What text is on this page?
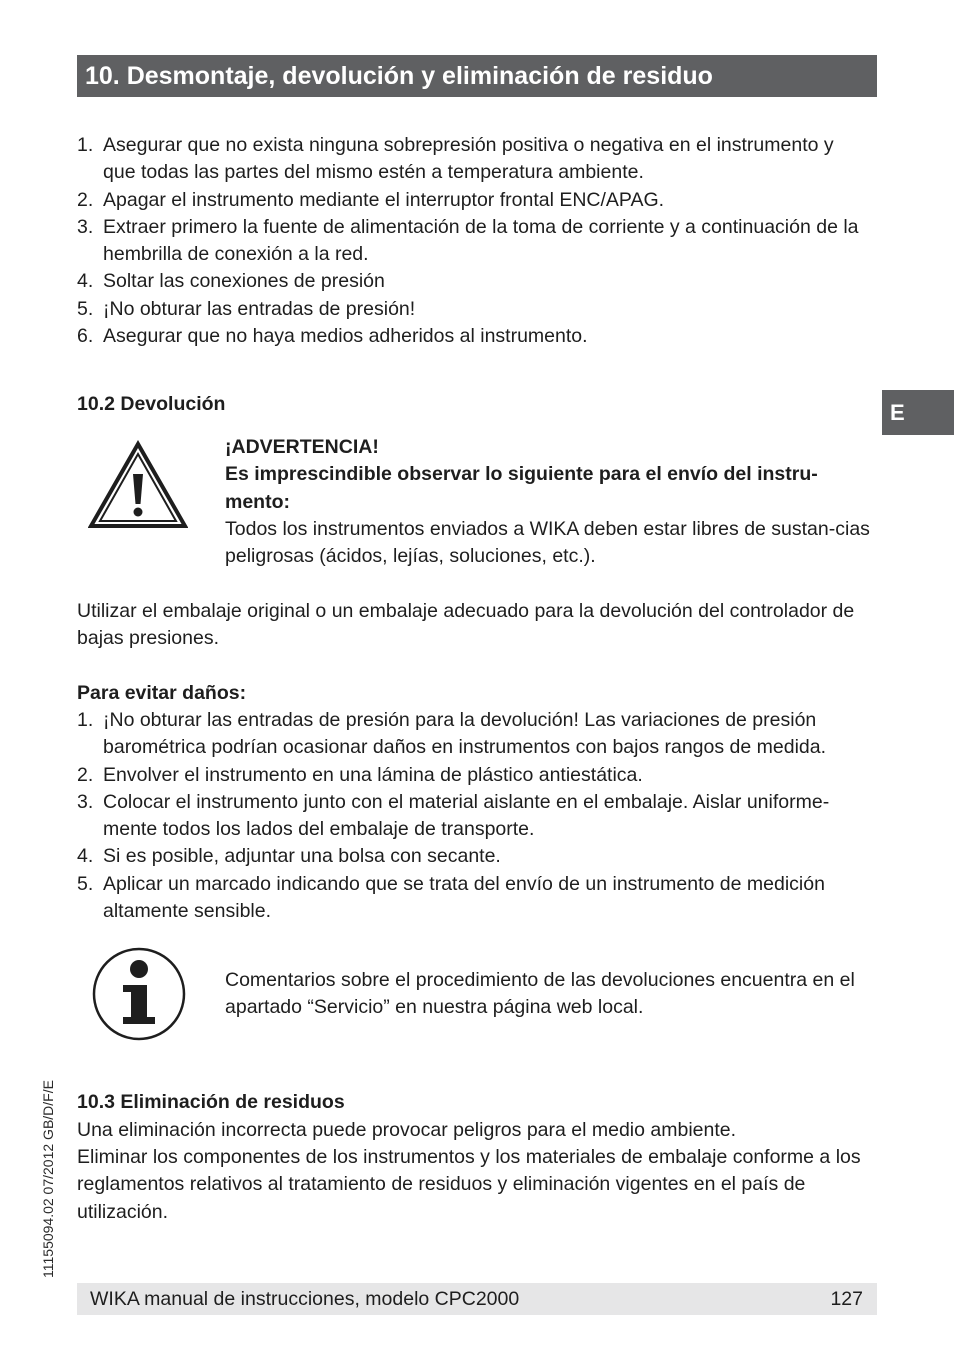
10. Desmontaje, devolución y eliminación de residuo
E
1. Asegurar que no exista ninguna sobrepresión positiva o negativa en el instrumento y que todas las partes del mismo estén a temperatura ambiente.
2. Apagar el instrumento mediante el interruptor frontal ENC/APAG.
3. Extraer primero la fuente de alimentación de la toma de corriente y a continuación de la hembrilla de conexión a la red.
4. Soltar las conexiones de presión
5. ¡No obturar las entradas de presión!
6. Asegurar que no haya medios adheridos al instrumento.
10.2 Devolución
¡ADVERTENCIA!
Es imprescindible observar lo siguiente para el envío del instru-mento:
Todos los instrumentos enviados a WIKA deben estar libres de sustan-cias peligrosas (ácidos, lejías, soluciones, etc.).
Utilizar el embalaje original o un embalaje adecuado para la devolución del controlador de bajas presiones.
Para evitar daños:
1. ¡No obturar las entradas de presión para la devolución! Las variaciones de presión barométrica podrían ocasionar daños en instrumentos con bajos rangos de medida.
2. Envolver el instrumento en una lámina de plástico antiestática.
3. Colocar el instrumento junto con el material aislante en el embalaje. Aislar uniforme-mente todos los lados del embalaje de transporte.
4. Si es posible, adjuntar una bolsa con secante.
5. Aplicar un marcado indicando que se trata del envío de un instrumento de medición altamente sensible.
Comentarios sobre el procedimiento de las devoluciones encuentra en el apartado “Servicio” en nuestra página web local.
10.3 Eliminación de residuos
Una eliminación incorrecta puede provocar peligros para el medio ambiente.
Eliminar los componentes de los instrumentos y los materiales de embalaje conforme a los reglamentos relativos al tratamiento de residuos y eliminación vigentes en el país de utilización.
11155094.02 07/2012 GB/D/F/E
WIKA manual de instrucciones, modelo CPC2000	127
